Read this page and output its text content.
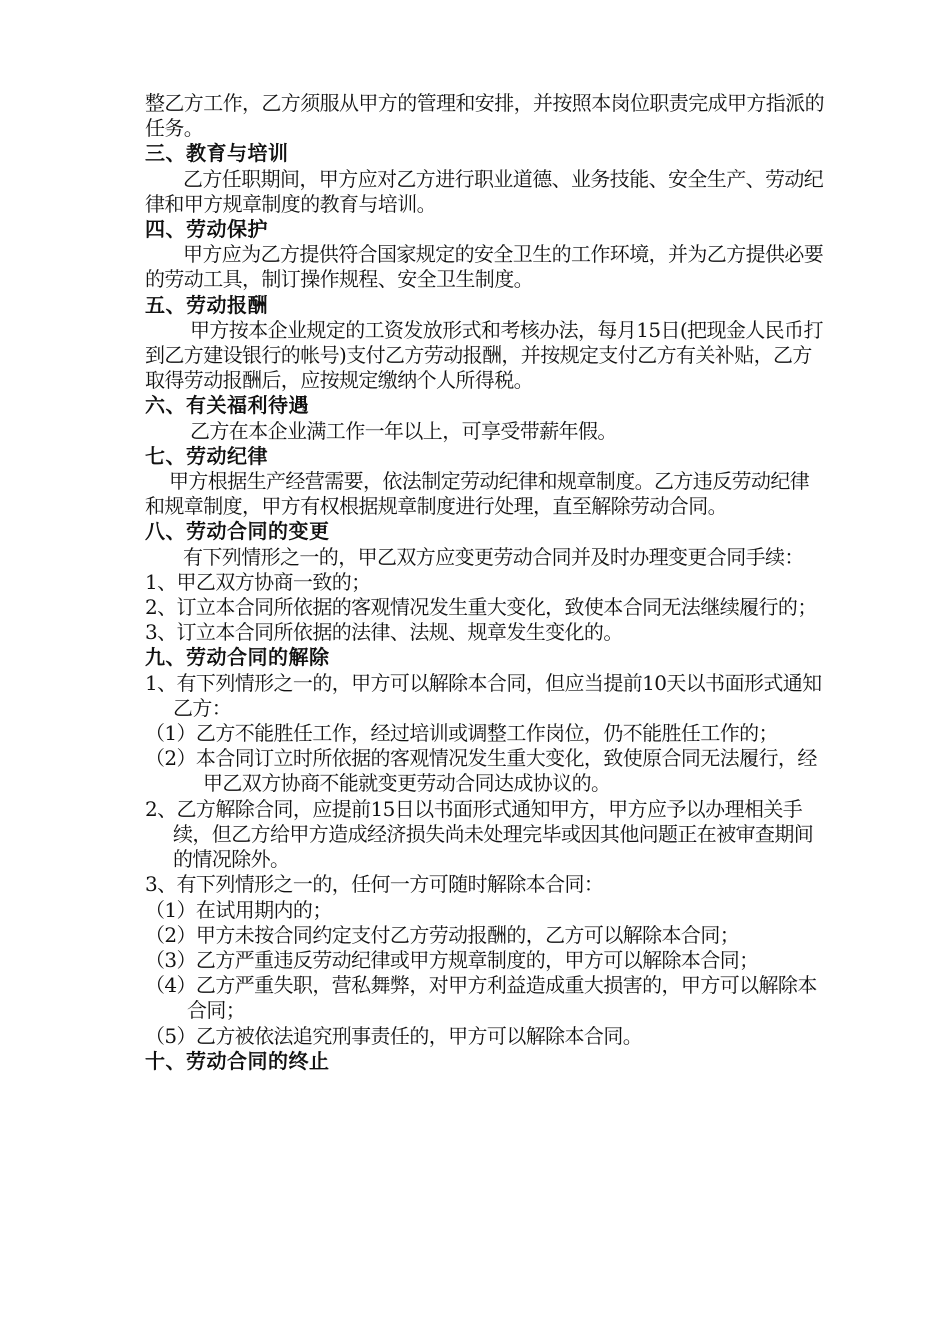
整乙方工作，乙方须服从甲方的管理和安排，并按照本岗位职责完成甲方指派的任务。

三、教育与培训

乙方任职期间，甲方应对乙方进行职业道德、业务技能、安全生产、劳动纪律和甲方规章制度的教育与培训。

四、劳动保护

甲方应为乙方提供符合国家规定的安全卫生的工作环境，并为乙方提供必要的劳动工具，制订操作规程、安全卫生制度。

五、劳动报酬

甲方按本企业规定的工资发放形式和考核办法，每月15日(把现金人民币打到乙方建设银行的帐号)支付乙方劳动报酬，并按规定支付乙方有关补贴，乙方取得劳动报酬后，应按规定缴纳个人所得税。

六、有关福利待遇

乙方在本企业满工作一年以上，可享受带薪年假。

七、劳动纪律

甲方根据生产经营需要，依法制定劳动纪律和规章制度。乙方违反劳动纪律和规章制度，甲方有权根据规章制度进行处理，直至解除劳动合同。

八、劳动合同的变更

有下列情形之一的，甲乙双方应变更劳动合同并及时办理变更合同手续：

1、甲乙双方协商一致的；

2、订立本合同所依据的客观情况发生重大变化，致使本合同无法继续履行的；

3、订立本合同所依据的法律、法规、规章发生变化的。

九、劳动合同的解除

1、有下列情形之一的，甲方可以解除本合同，但应当提前10天以书面形式通知乙方：

（1）乙方不能胜任工作，经过培训或调整工作岗位，仍不能胜任工作的；

（2）本合同订立时所依据的客观情况发生重大变化，致使原合同无法履行，经甲乙双方协商不能就变更劳动合同达成协议的。

2、乙方解除合同，应提前15日以书面形式通知甲方，甲方应予以办理相关手续，但乙方给甲方造成经济损失尚未处理完毕或因其他问题正在被审查期间的情况除外。

3、有下列情形之一的，任何一方可随时解除本合同：

（1）在试用期内的；

（2）甲方未按合同约定支付乙方劳动报酬的，乙方可以解除本合同；

（3）乙方严重违反劳动纪律或甲方规章制度的，甲方可以解除本合同；

（4）乙方严重失职，营私舞弊，对甲方利益造成重大损害的，甲方可以解除本合同；

（5）乙方被依法追究刑事责任的，甲方可以解除本合同。

十、劳动合同的终止
